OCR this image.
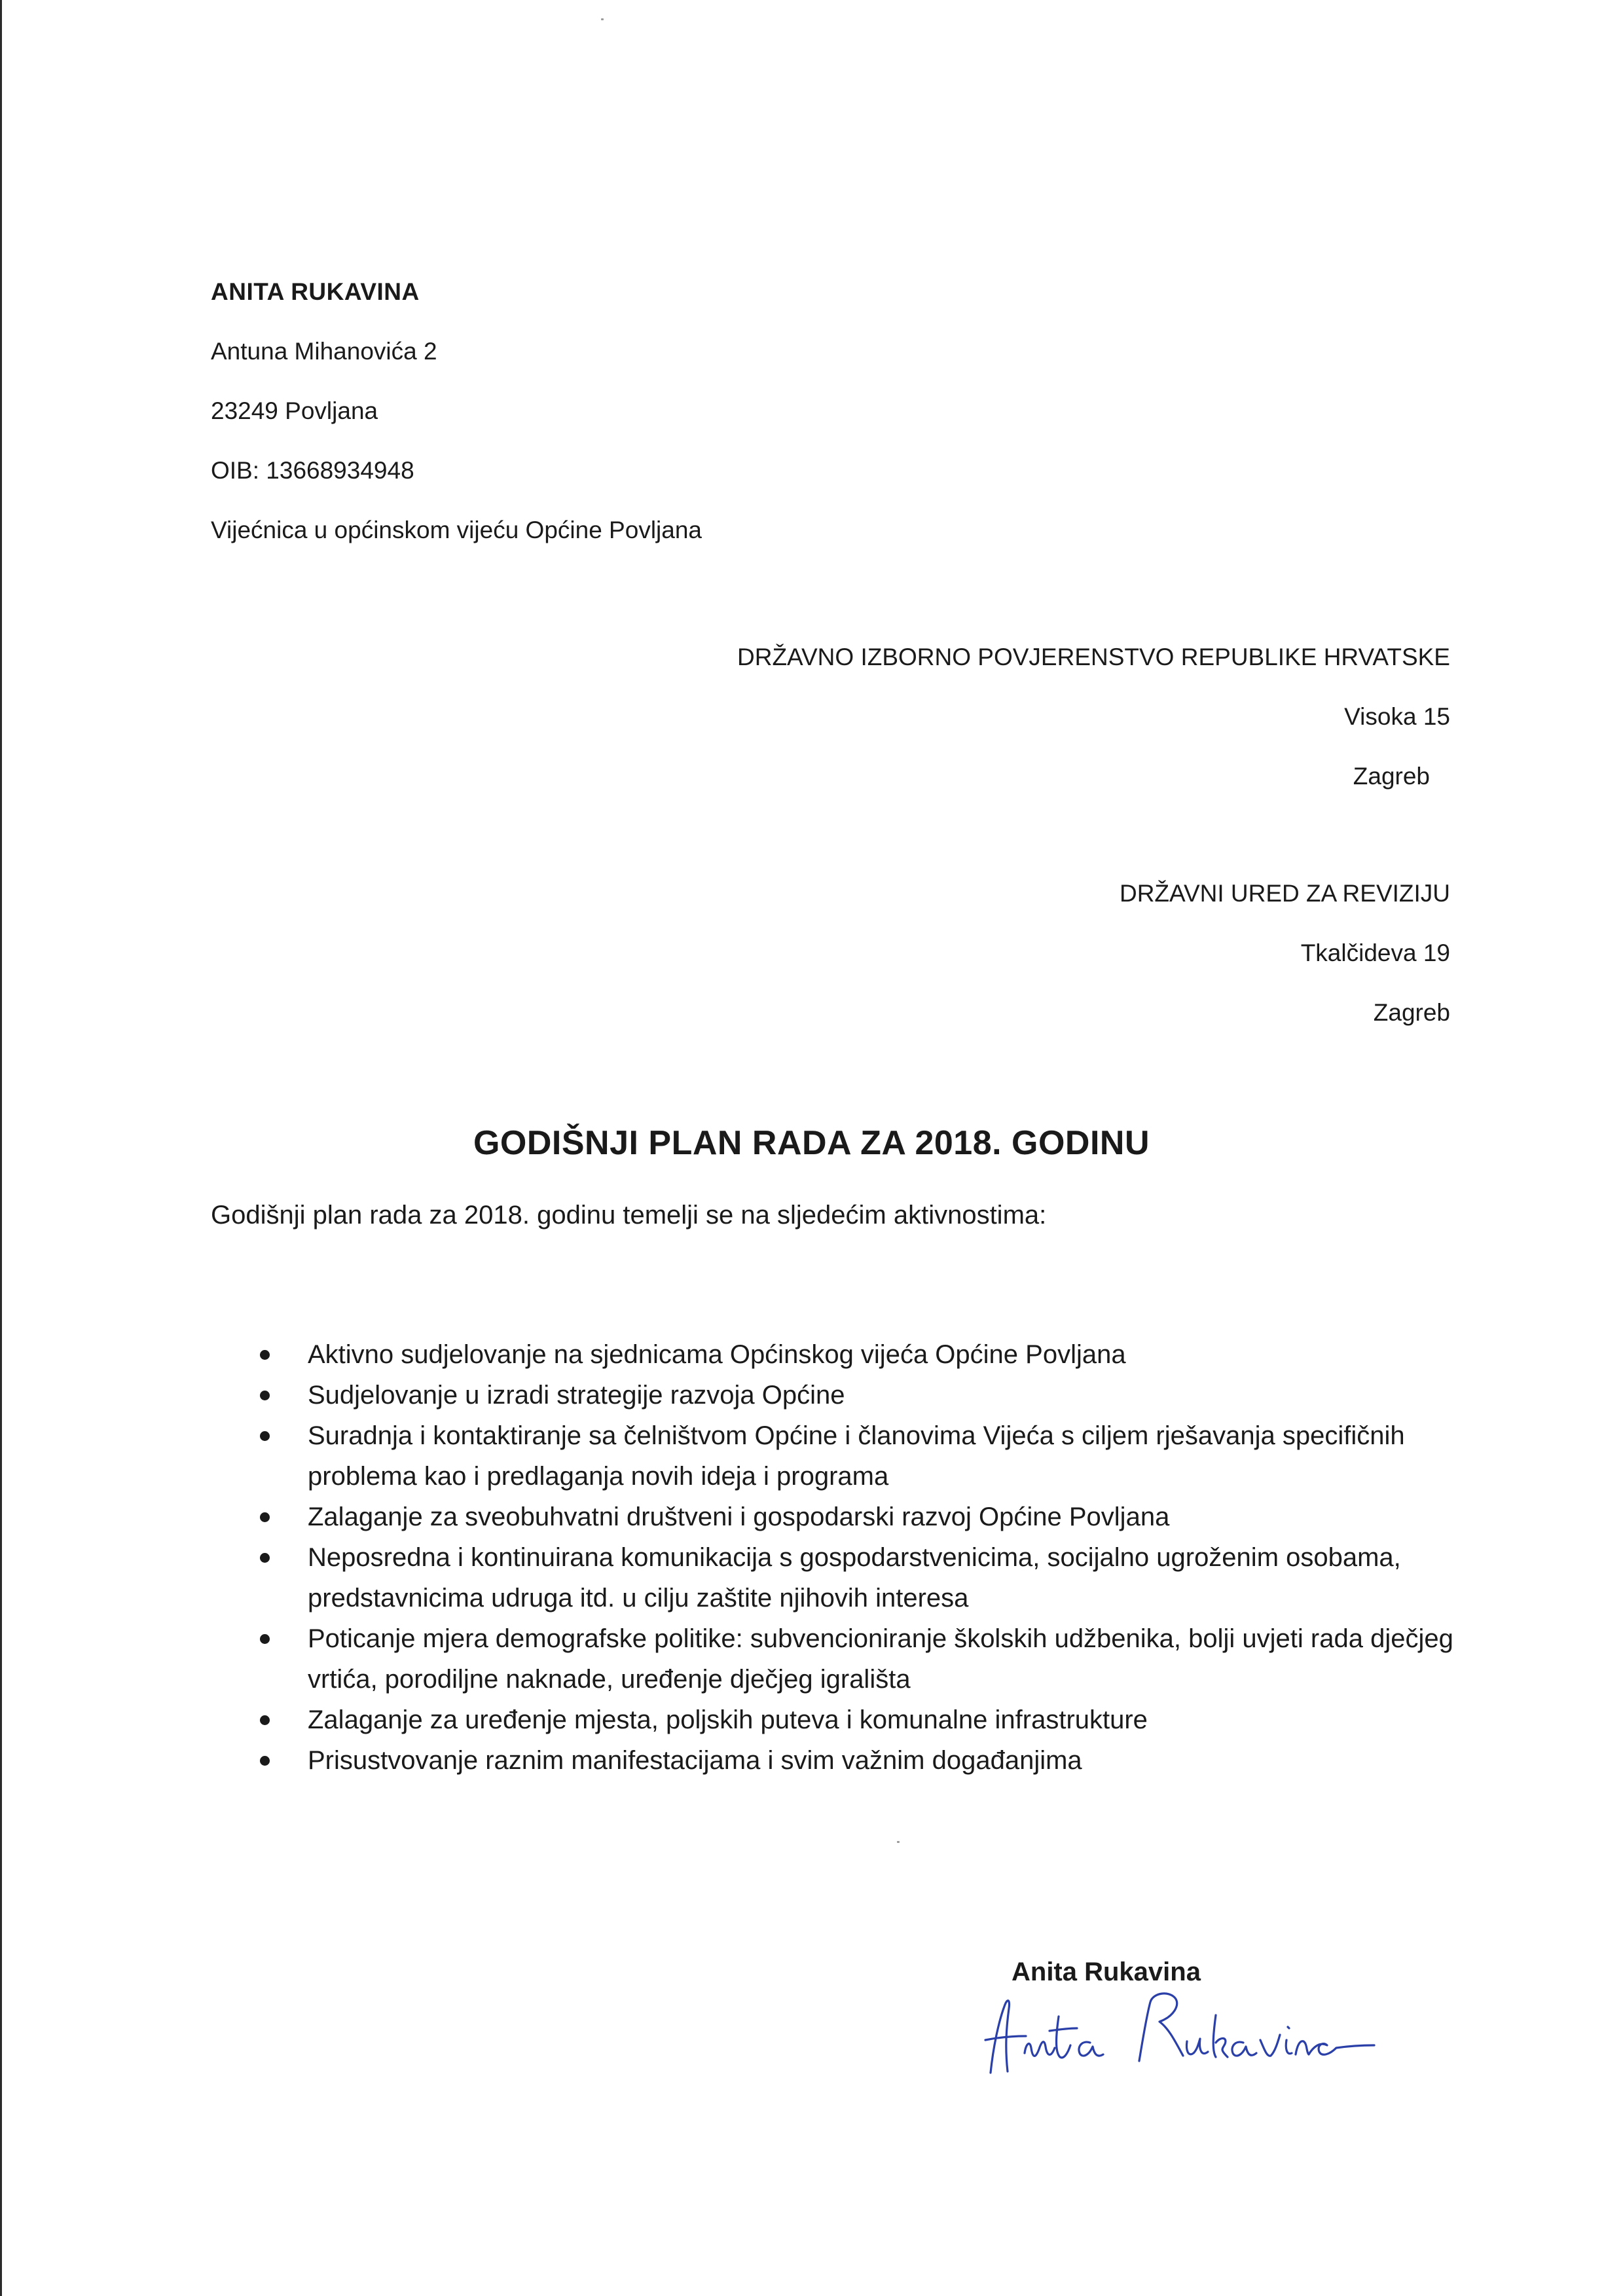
ANITA RUKAVINA
Antuna Mihanovića 2
23249 Povljana
OIB: 13668934948
Vijećnica u općinskom vijeću Općine Povljana
DRŽAVNO IZBORNO POVJERENSTVO REPUBLIKE HRVATSKE
Visoka 15
Zagreb
DRŽAVNI URED ZA REVIZIJU
Tkalčideva 19
Zagreb
GODIŠNJI PLAN RADA ZA 2018. GODINU
Godišnji plan rada za 2018. godinu temelji se na sljedećim aktivnostima:
Aktivno sudjelovanje na sjednicama Općinskog vijeća Općine Povljana
Sudjelovanje u izradi strategije razvoja Općine
Suradnja i kontaktiranje sa čelništvom Općine i članovima Vijeća s ciljem rješavanja specifičnih problema kao i predlaganja novih ideja i programa
Zalaganje za sveobuhvatni društveni i gospodarski razvoj Općine Povljana
Neposredna i kontinuirana komunikacija s gospodarstvenicima, socijalno ugroženim osobama, predstavnicima udruga itd. u cilju zaštite njihovih interesa
Poticanje mjera demografske politike: subvencioniranje školskih udžbenika, bolji uvjeti rada dječjeg vrtića, porodiljne naknade, uređenje dječjeg igrališta
Zalaganje za uređenje mjesta, poljskih puteva i komunalne infrastrukture
Prisustvovanje raznim manifestacijama i svim važnim događanjima
Anita Rukavina
